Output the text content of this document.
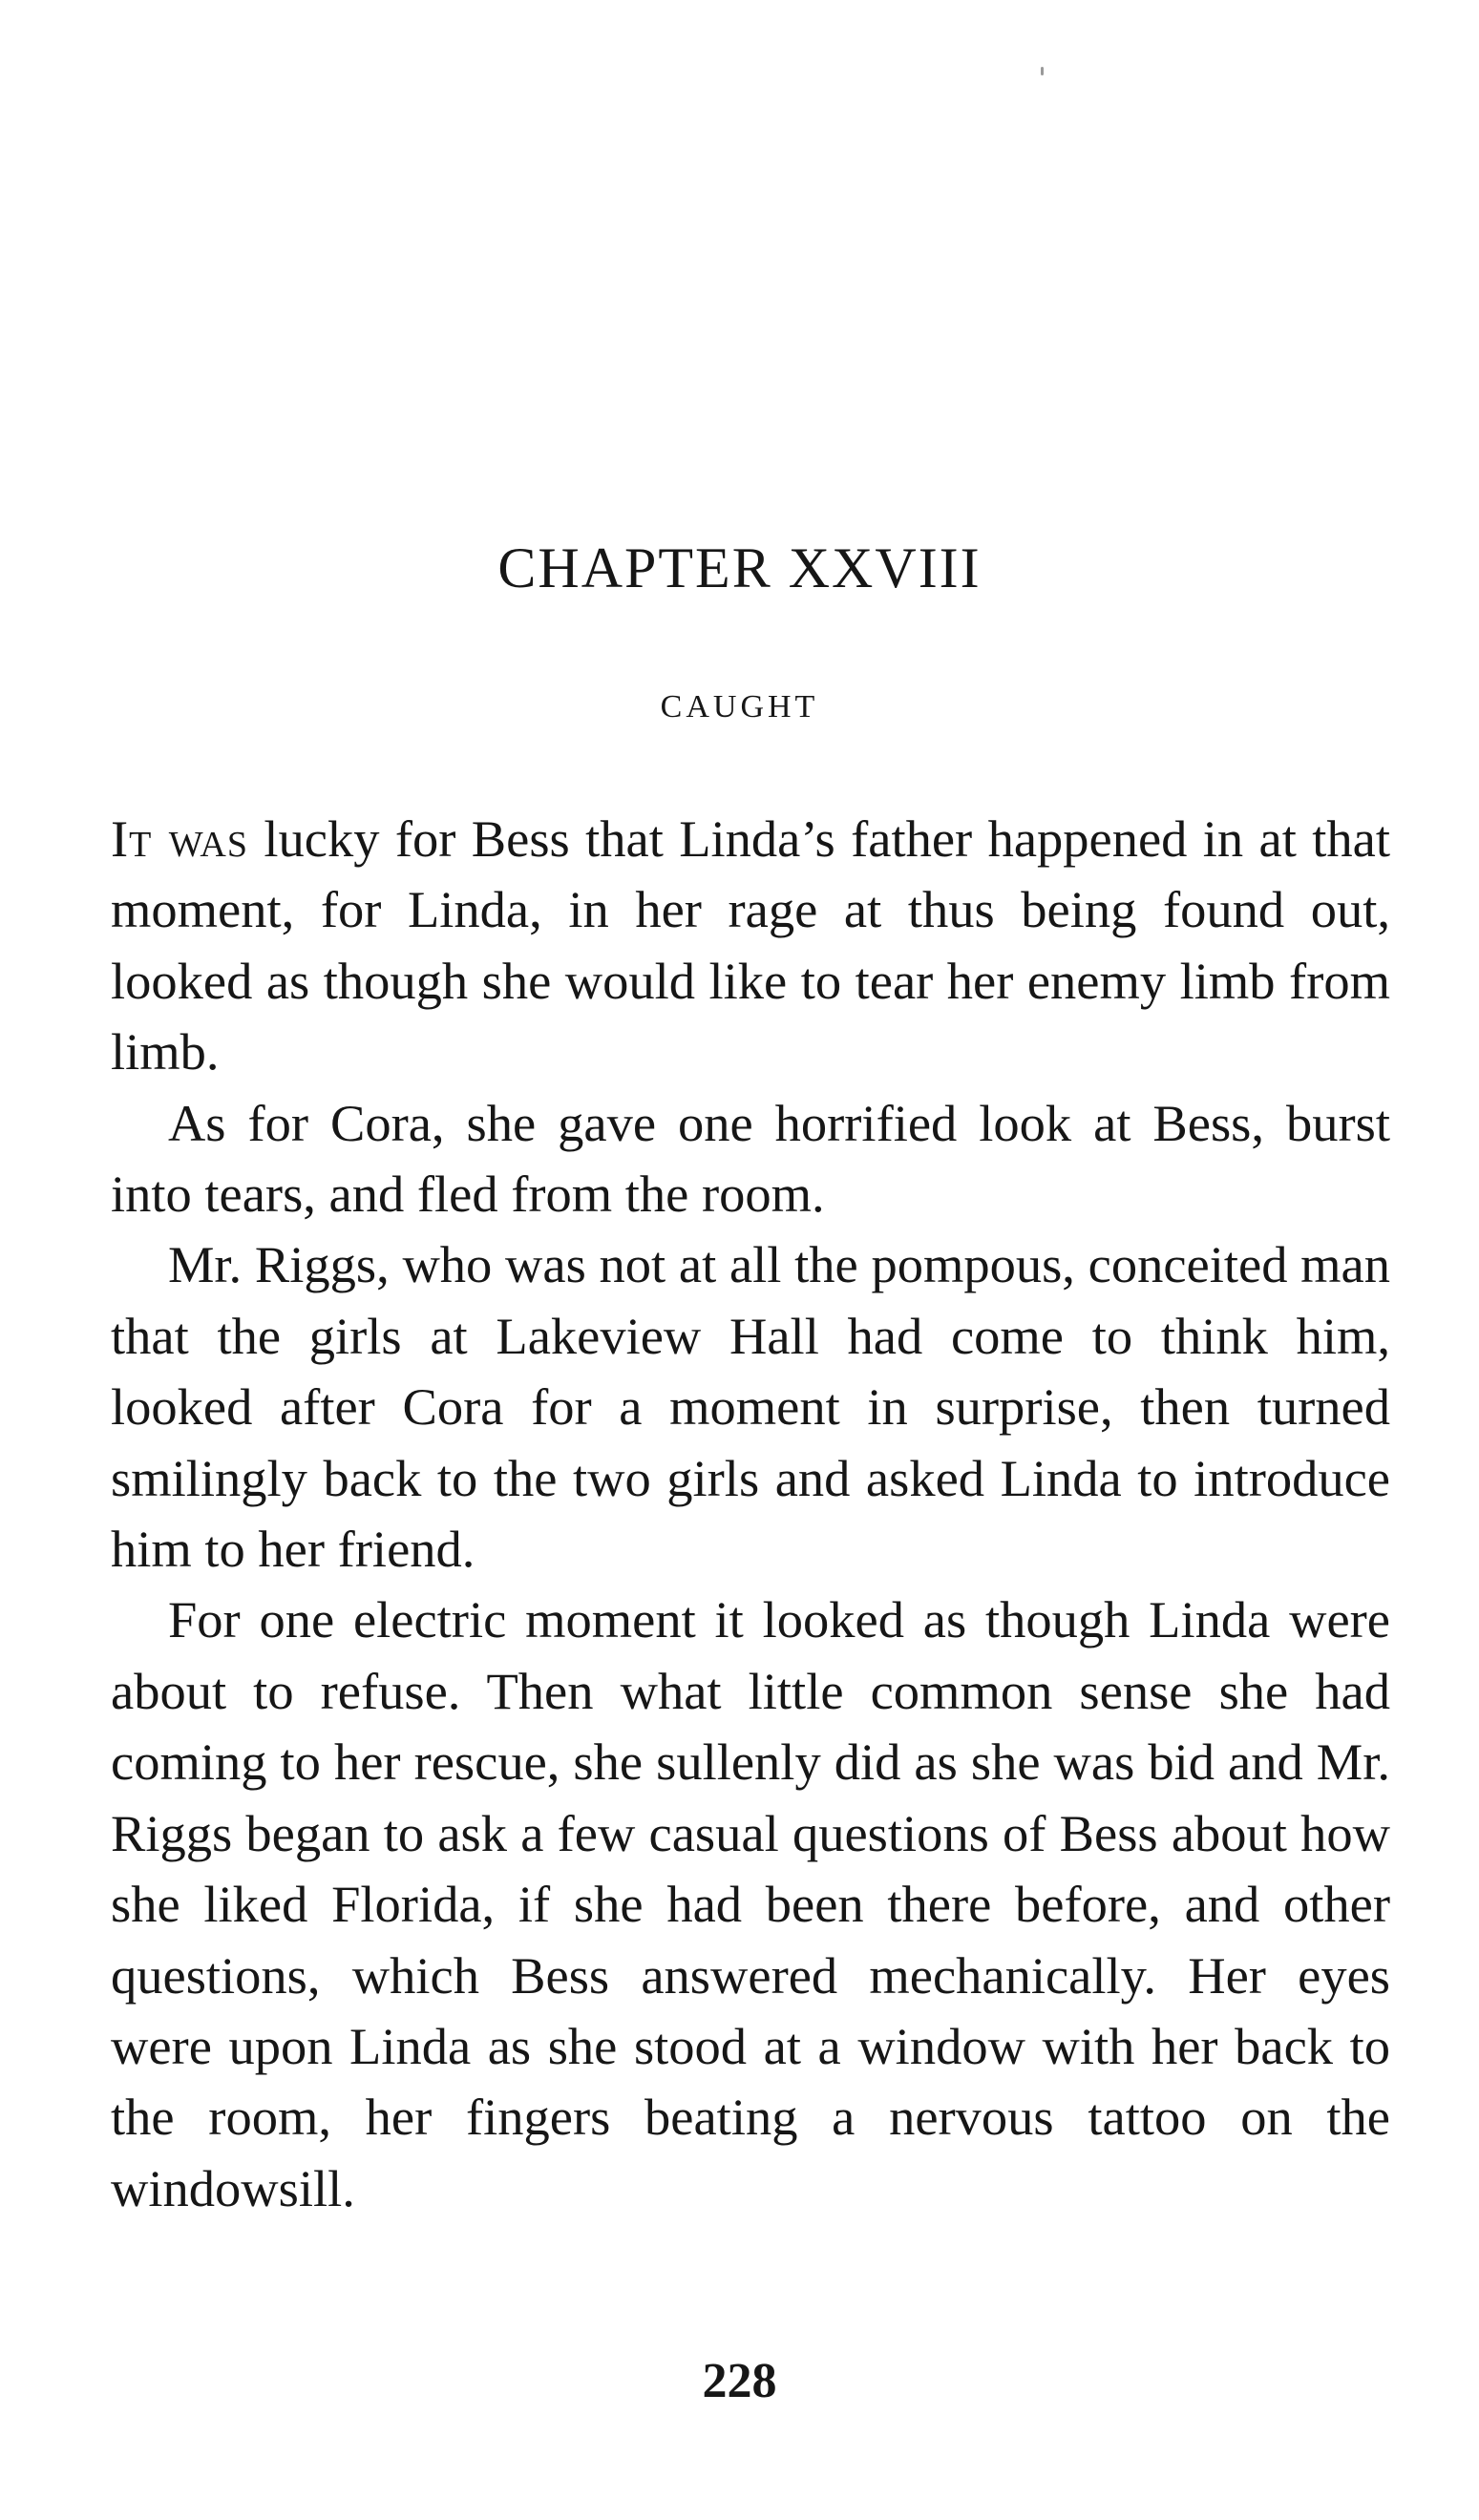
CHAPTER XXVIII
CAUGHT

It was lucky for Bess that Linda’s father happened in at that moment, for Linda, in her rage at thus being found out, looked as though she would like to tear her enemy limb from limb.

As for Cora, she gave one horrified look at Bess, burst into tears, and fled from the room.

Mr. Riggs, who was not at all the pompous, conceited man that the girls at Lakeview Hall had come to think him, looked after Cora for a moment in surprise, then turned smilingly back to the two girls and asked Linda to introduce him to her friend.

For one electric moment it looked as though Linda were about to refuse. Then what little common sense she had coming to her rescue, she sullenly did as she was bid and Mr. Riggs began to ask a few casual questions of Bess about how she liked Florida, if she had been there before, and other questions, which Bess answered mechanically. Her eyes were upon Linda as she stood at a window with her back to the room, her fingers beating a nervous tattoo on the windowsill.

228
